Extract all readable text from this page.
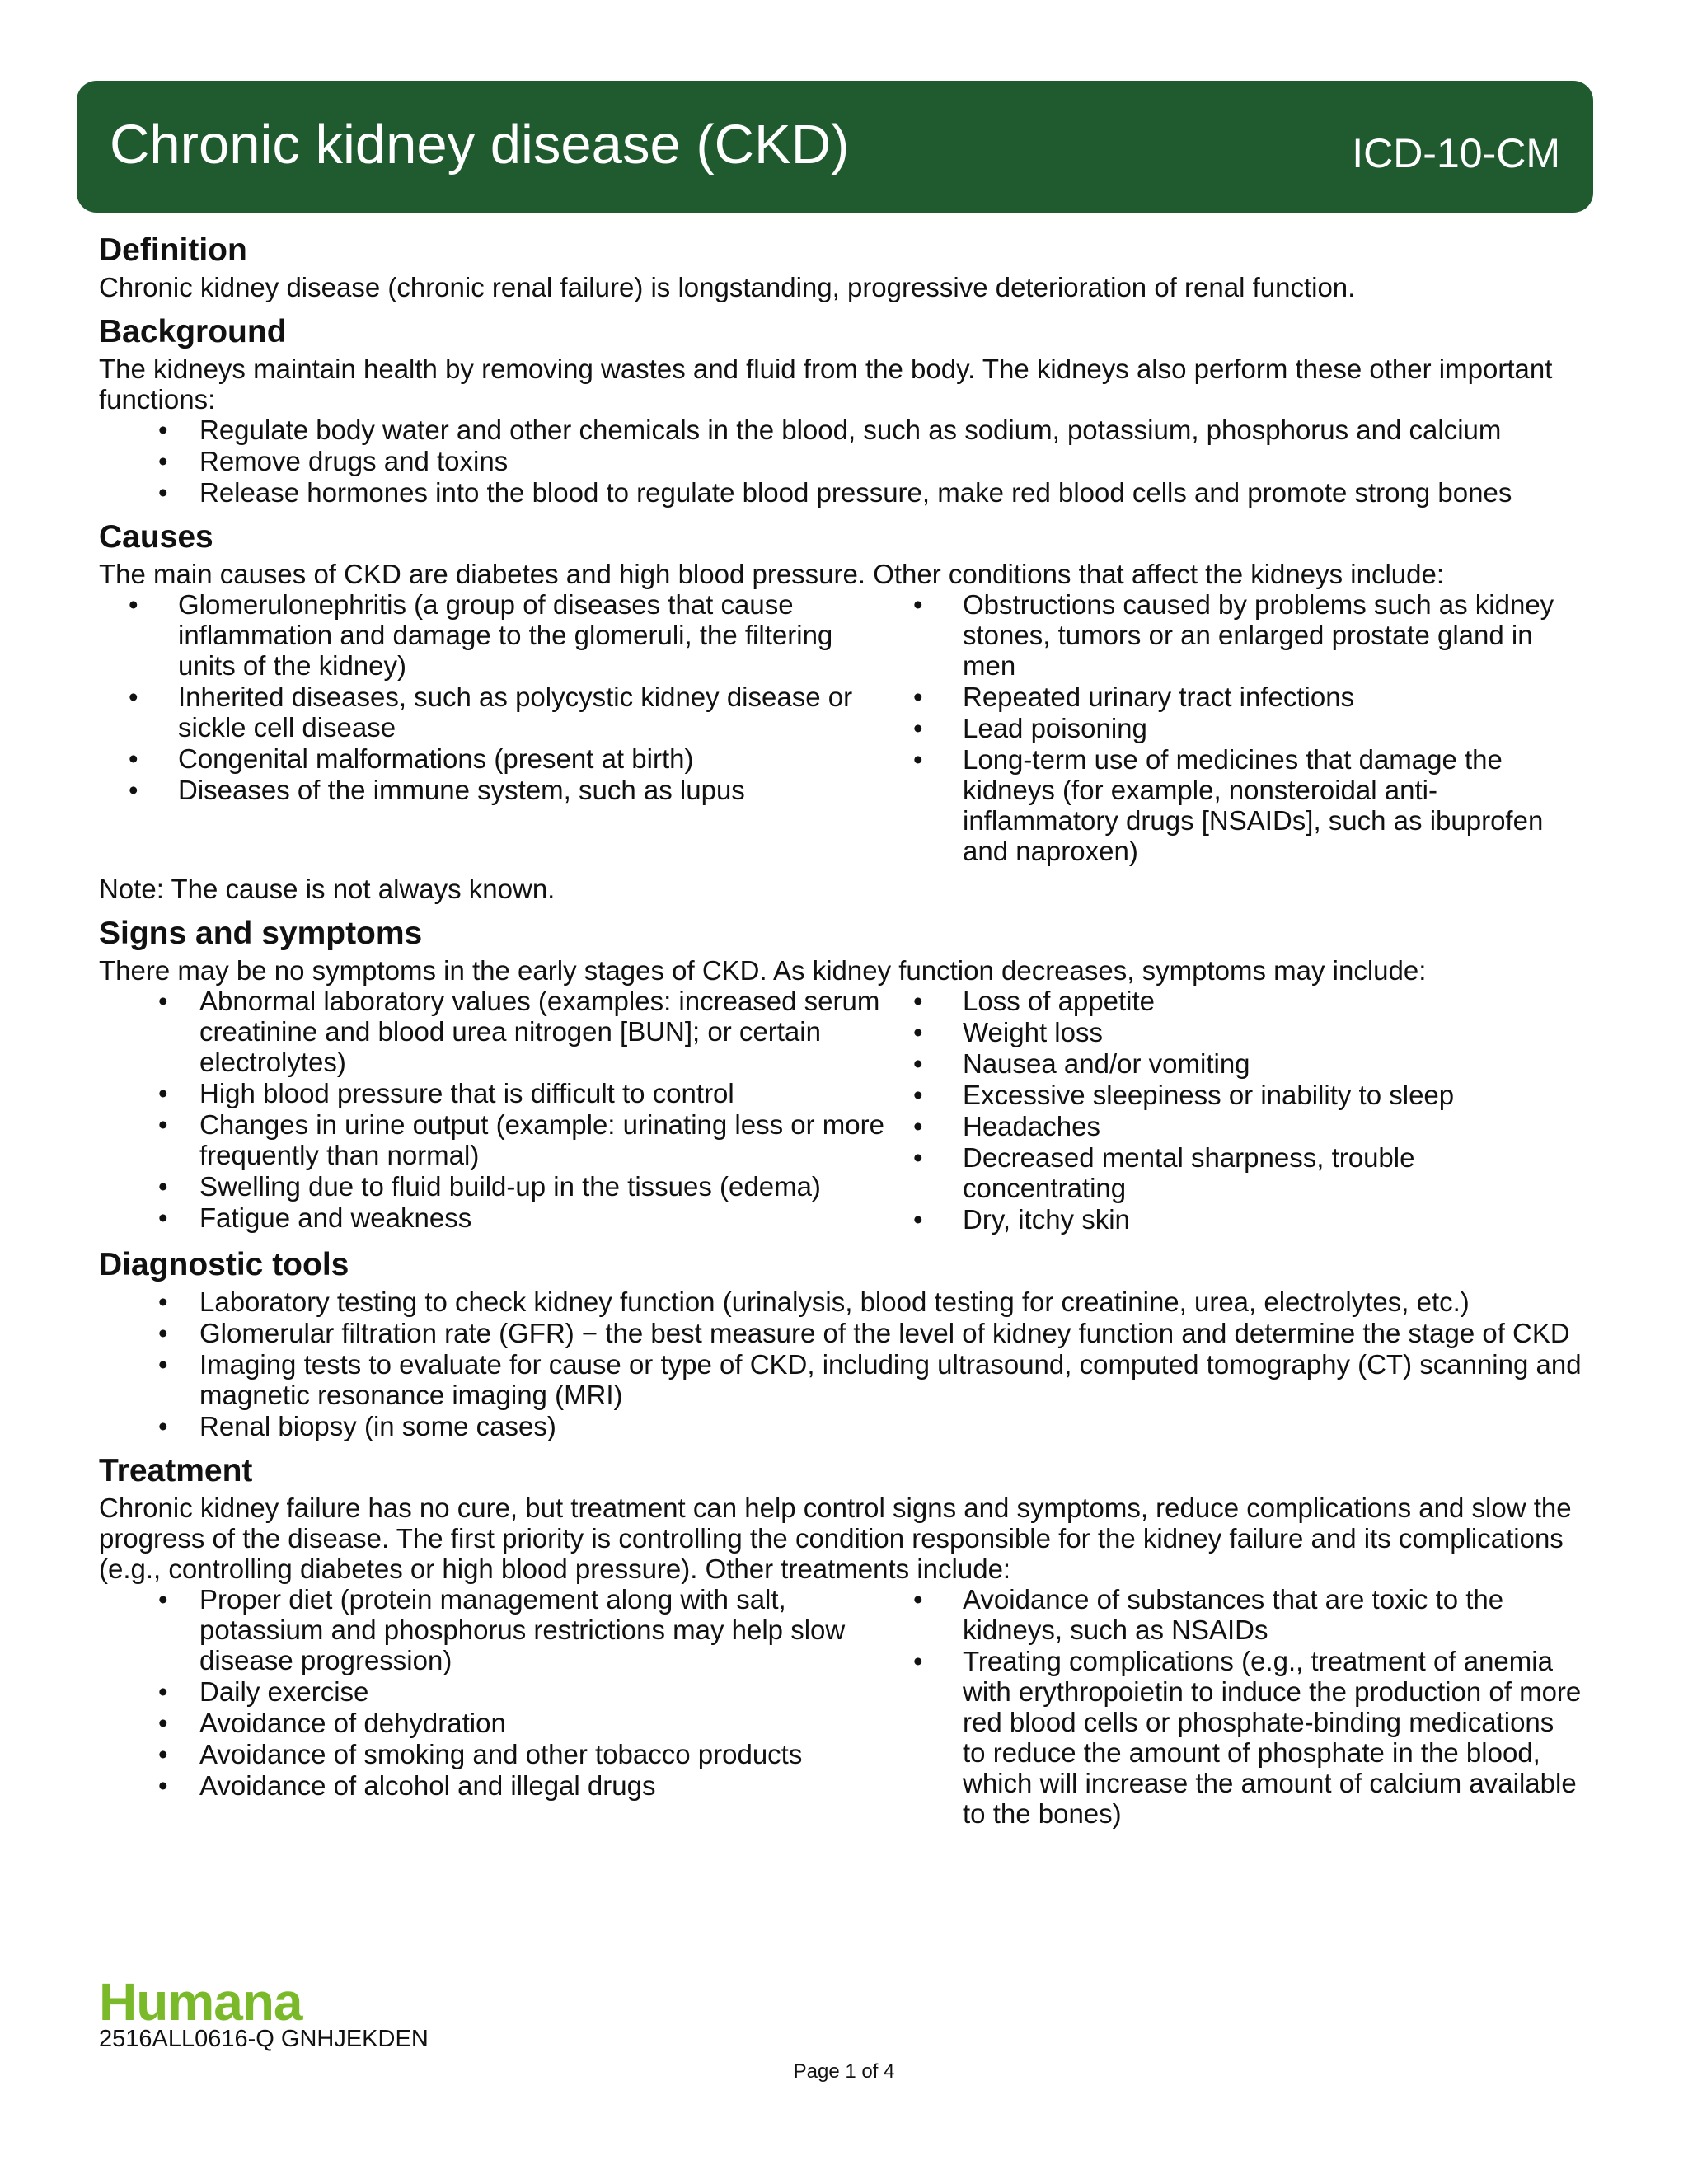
Chronic kidney disease (CKD)	ICD-10-CM
Definition

Chronic kidney disease (chronic renal failure) is longstanding, progressive deterioration of renal function.

Background

The kidneys maintain health by removing wastes and fluid from the body. The kidneys also perform these other important functions:

• Regulate body water and other chemicals in the blood, such as sodium, potassium, phosphorus and calcium
• Remove drugs and toxins
• Release hormones into the blood to regulate blood pressure, make red blood cells and promote strong bones
Causes

The main causes of CKD are diabetes and high blood pressure. Other conditions that affect the kidneys include:

• Glomerulonephritis (a group of diseases that cause inflammation and damage to the glomeruli, the filtering units of the kidney)
• Inherited diseases, such as polycystic kidney disease or sickle cell disease
• Congenital malformations (present at birth)
• Diseases of the immune system, such as lupus
• Obstructions caused by problems such as kidney stones, tumors or an enlarged prostate gland in men
• Repeated urinary tract infections
• Lead poisoning
• Long-term use of medicines that damage the kidneys (for example, nonsteroidal anti-inflammatory drugs [NSAIDs], such as ibuprofen and naproxen)

Note: The cause is not always known.

Signs and symptoms

There may be no symptoms in the early stages of CKD. As kidney function decreases, symptoms may include:

• Abnormal laboratory values (examples: increased serum creatinine and blood urea nitrogen [BUN]; or certain electrolytes)
• High blood pressure that is difficult to control
• Changes in urine output (example: urinating less or more frequently than normal)
• Swelling due to fluid build-up in the tissues (edema)
• Fatigue and weakness
• Loss of appetite
• Weight loss
• Nausea and/or vomiting
• Excessive sleepiness or inability to sleep
• Headaches
• Decreased mental sharpness, trouble concentrating
• Dry, itchy skin
Diagnostic tools
• Laboratory testing to check kidney function (urinalysis, blood testing for creatinine, urea, electrolytes, etc.)
• Glomerular filtration rate (GFR) − the best measure of the level of kidney function and determine the stage of CKD
• Imaging tests to evaluate for cause or type of CKD, including ultrasound, computed tomography (CT) scanning and magnetic resonance imaging (MRI)
• Renal biopsy (in some cases)
Treatment

Chronic kidney failure has no cure, but treatment can help control signs and symptoms, reduce complications and slow the progress of the disease. The first priority is controlling the condition responsible for the kidney failure and its complications (e.g., controlling diabetes or high blood pressure). Other treatments include:

• Proper diet (protein management along with salt, potassium and phosphorus restrictions may help slow disease progression)
• Daily exercise
• Avoidance of dehydration
• Avoidance of smoking and other tobacco products
• Avoidance of alcohol and illegal drugs
• Avoidance of substances that are toxic to the kidneys, such as NSAIDs
• Treating complications (e.g., treatment of anemia with erythropoietin to induce the production of more red blood cells or phosphate-binding medications to reduce the amount of phosphate in the blood, which will increase the amount of calcium available to the bones)
Humana
2516ALL0616-Q GNHJEKDEN
Page 1 of 4
